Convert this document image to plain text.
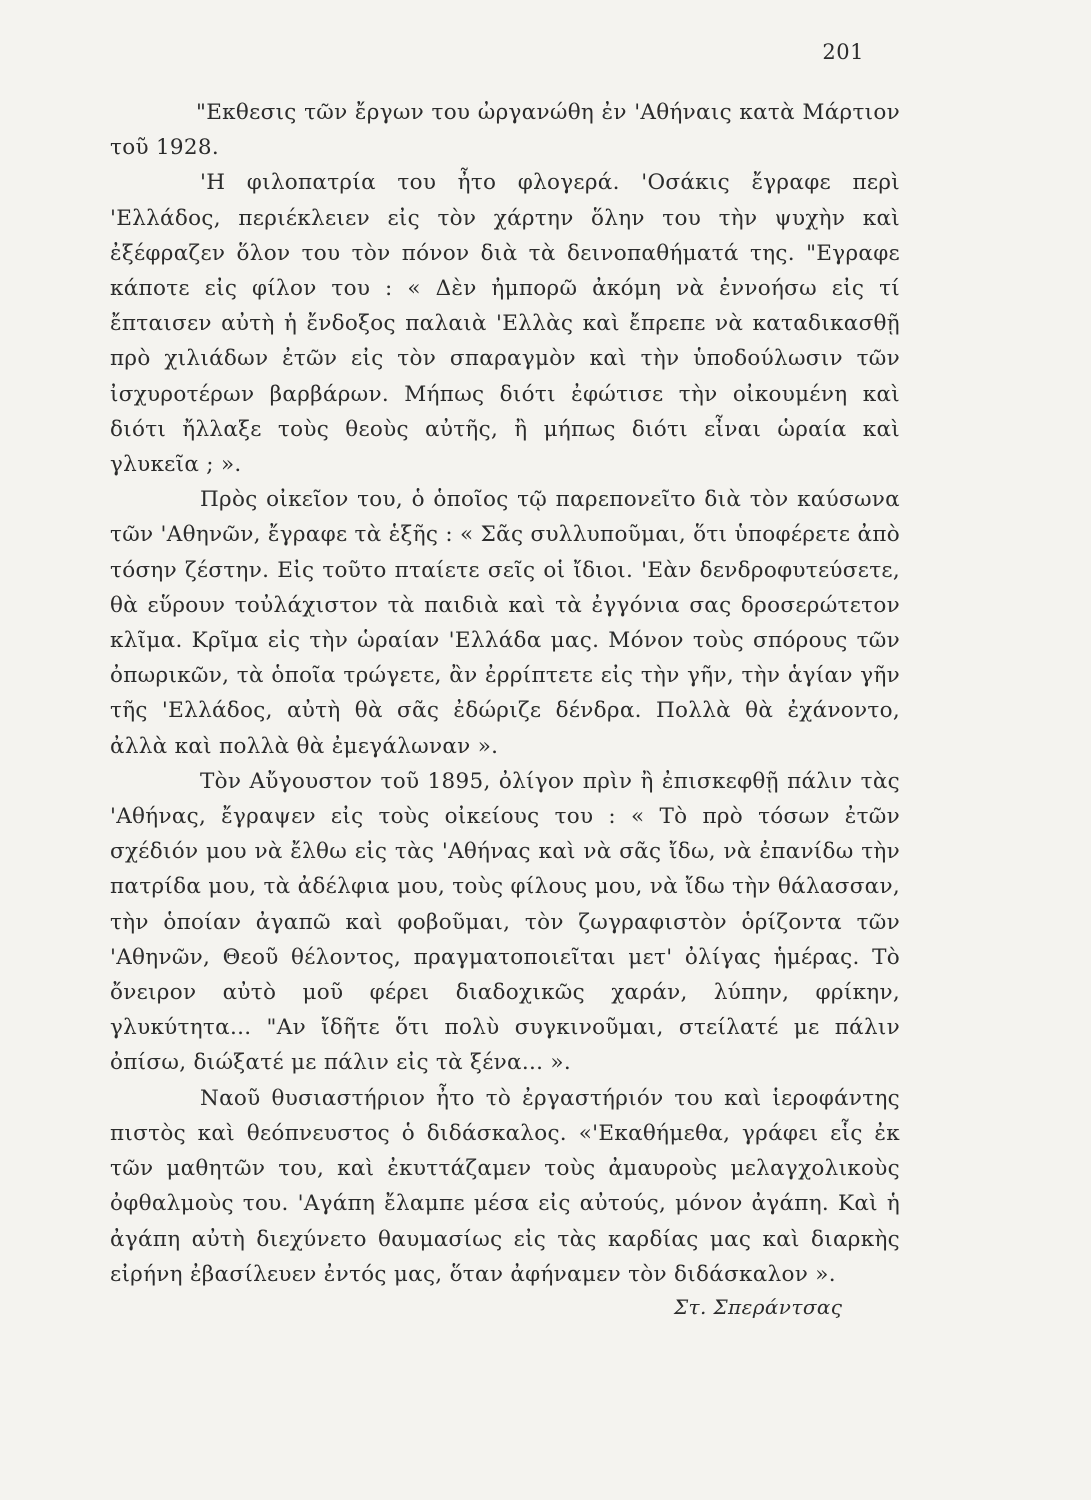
201

"Εκθεσις τῶν ἔργων του ὠργανώθη ἐν 'Αθήναις κατὰ Μάρτιον τοῦ 1928.

'Η φιλοπατρία του ἦτο φλογερά. 'Οσάκις ἔγραφε περὶ 'Ελλάδος, περιέκλειεν εἰς τὸν χάρτην ὅλην του τὴν ψυχὴν καὶ ἐξέφραζεν ὅλον του τὸν πόνον διὰ τὰ δεινοπαθήματά της. "Εγραφε κάποτε εἰς φίλον του : « Δὲν ἠμπορῶ ἀκόμη νὰ ἐννοήσω εἰς τί ἔπταισεν αὐτὴ ἡ ἔνδοξος παλαιὰ 'Ελλὰς καὶ ἔπρεπε νὰ καταδικασθῇ πρὸ χιλιάδων ἐτῶν εἰς τὸν σπαραγμὸν καὶ τὴν ὑποδούλωσιν τῶν ἰσχυροτέρων βαρβάρων. Μήπως διότι ἐφώτισε τὴν οἰκουμένη καὶ διότι ἤλλαξε τοὺς θεοὺς αὐτῆς, ἢ μήπως διότι εἶναι ὡραία καὶ γλυκεῖα ; ».

Πρὸς οἰκεῖον του, ὁ ὁποῖος τῷ παρεπονεῖτο διὰ τὸν καύσωνα τῶν 'Αθηνῶν, ἔγραφε τὰ ἑξῆς : « Σᾶς συλλυποῦμαι, ὅτι ὑποφέρετε ἀπὸ τόσην ζέστην. Εἰς τοῦτο πταίετε σεῖς οἱ ἴδιοι. 'Εὰν δενδροφυτεύσετε, θὰ εὕρουν τοὐλάχιστον τὰ παιδιὰ καὶ τὰ ἐγγόνια σας δροσερώτετον κλῖμα. Κρῖμα εἰς τὴν ὡραίαν 'Ελλάδα μας. Μόνον τοὺς σπόρους τῶν ὀπωρικῶν, τὰ ὁποῖα τρώγετε, ἂν ἐρρίπτετε εἰς τὴν γῆν, τὴν ἁγίαν γῆν τῆς 'Ελλάδος, αὐτὴ θὰ σᾶς ἐδώριζε δένδρα. Πολλὰ θὰ ἐχάνοντο, ἀλλὰ καὶ πολλὰ θὰ ἐμεγάλωναν ».

Τὸν Αὔγουστον τοῦ 1895, ὀλίγον πρὶν ἢ ἐπισκεφθῇ πάλιν τὰς 'Αθήνας, ἔγραψεν εἰς τοὺς οἰκείους του : « Τὸ πρὸ τόσων ἐτῶν σχέδιόν μου νὰ ἔλθω εἰς τὰς 'Αθήνας καὶ νὰ σᾶς ἴδω, νὰ ἐπανίδω τὴν πατρίδα μου, τὰ ἀδέλφια μου, τοὺς φίλους μου, νὰ ἴδω τὴν θάλασσαν, τὴν ὁποίαν ἀγαπῶ καὶ φοβοῦμαι, τὸν ζωγραφιστὸν ὁρίζοντα τῶν 'Αθηνῶν, Θεοῦ θέλοντος, πραγματοποιεῖται μετ' ὀλίγας ἡμέρας. Τὸ ὄνειρον αὐτὸ μοῦ φέρει διαδοχικῶς χαράν, λύπην, φρίκην, γλυκύτητα... "Αν ἴδῆτε ὅτι πολὺ συγκινοῦμαι, στείλατέ με πάλιν ὀπίσω, διώξατέ με πάλιν εἰς τὰ ξένα... ».

Ναοῦ θυσιαστήριον ἦτο τὸ ἐργαστήριόν του καὶ ἱεροφάντης πιστὸς καὶ θεόπνευστος ὁ διδάσκαλος. «'Εκαθήμεθα, γράφει εἷς ἐκ τῶν μαθητῶν του, καὶ ἐκυττάζαμεν τοὺς ἀμαυροὺς μελαγχολικοὺς ὀφθαλμοὺς του. 'Αγάπη ἔλαμπε μέσα εἰς αὐτούς, μόνον ἀγάπη. Καὶ ἡ ἀγάπη αὐτὴ διεχύνετο θαυμασίως εἰς τὰς καρδίας μας καὶ διαρκὴς εἰρήνη ἐβασίλευεν ἐντός μας, ὅταν ἀφήναμεν τὸν διδάσκαλον ».

Στ. Σπεράντσας
